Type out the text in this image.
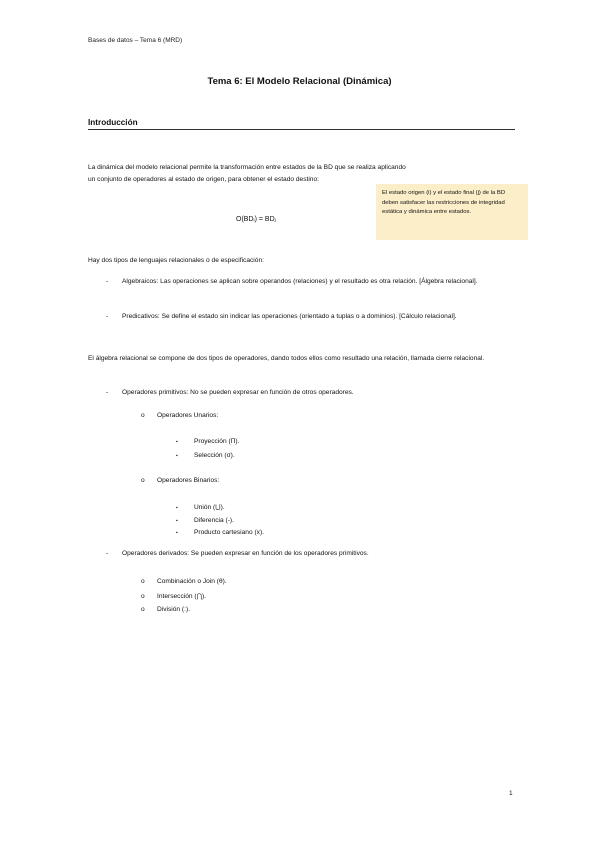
Bases de datos – Tema 6 (MRD)
Tema 6: El Modelo Relacional (Dinámica)
Introducción
La dinámica del modelo relacional permite la transformación entre estados de la BD que se realiza aplicando un conjunto de operadores al estado de origen, para obtener el estado destino:
O(BDᵢ) = BDⱼ
El estado origen (i) y el estado final (j) de la BD deben satisfacer las restricciones de integridad estática y dinámica entre estados.
Hay dos tipos de lenguajes relacionales o de especificación:
- Algebraicos: Las operaciones se aplican sobre operandos (relaciones) y el resultado es otra relación. [Álgebra relacional].
- Predicativos: Se define el estado sin indicar las operaciones (orientado a tuplas o a dominios). [Cálculo relacional].
El álgebra relacional se compone de dos tipos de operadores, dando todos ellos como resultado una relación, llamada cierre relacional.
- Operadores primitivos: No se pueden expresar en función de otros operadores.
o Operadores Unarios:
▪ Proyección (Π).
▪ Selección (σ).
o Operadores Binarios:
▪ Unión (⋃).
▪ Diferencia (-).
▪ Producto cartesiano (x).
- Operadores derivados: Se pueden expresar en función de los operadores primitivos.
o Combinación o Join (θ).
o Intersección (⋂).
o División (:).
1
